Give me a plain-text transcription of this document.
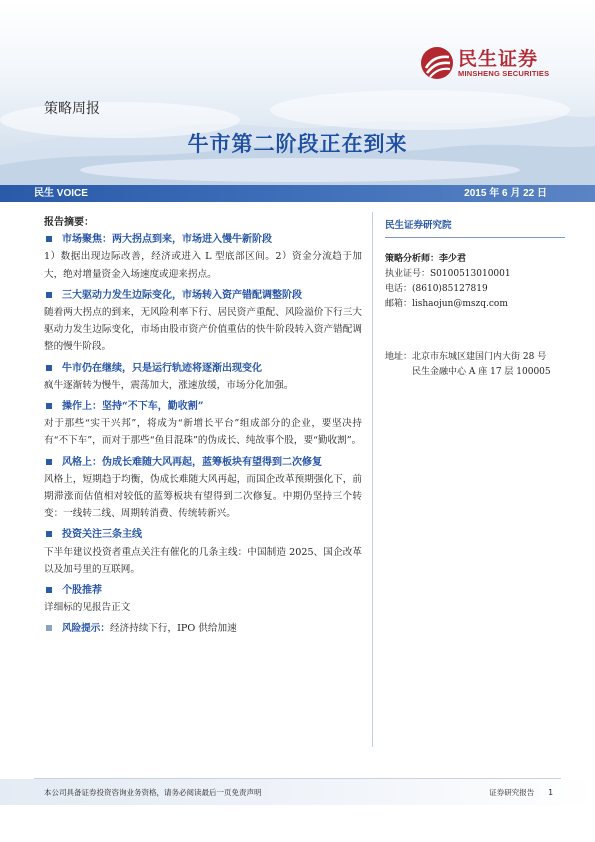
民生证券
MINSHENG SECURITIES
策略周报
牛市第二阶段正在到来
民生 VOICE	2015 年 6 月 22 日
报告摘要：
市场聚焦：两大拐点到来，市场进入慢牛新阶段
1）数据出现边际改善，经济或进入 L 型底部区间。2）资金分流趋于加大，绝对增量资金入场速度或迎来拐点。
三大驱动力发生边际变化，市场转入资产错配调整阶段
随着两大拐点的到来，无风险利率下行、居民资产重配、风险溢价下行三大驱动力发生边际变化，市场由股市资产价值重估的快牛阶段转入资产错配调整的慢牛阶段。
牛市仍在继续，只是运行轨迹将逐渐出现变化
疯牛逐渐转为慢牛，震荡加大，涨速放缓，市场分化加强。
操作上：坚持“不下车，勤收割”
对于那些“实干兴邦”，将成为“新增长平台”组成部分的企业，要坚决持有“不下车”，而对于那些“鱼目混珠”的伪成长、纯故事个股，要“勤收割”。
风格上：伪成长难随大风再起，蓝筹板块有望得到二次修复
风格上，短期趋于均衡，伪成长难随大风再起，而国企改革预期强化下，前期滞涨而估值相对较低的蓝筹板块有望得到二次修复。中期仍坚持三个转变：一线转二线、周期转消费、传统转新兴。
投资关注三条主线
下半年建议投资者重点关注有催化的几条主线：中国制造 2025、国企改革以及加号里的互联网。
个股推荐
详细标的见报告正文
风险提示： 经济持续下行，IPO 供给加速
民生证券研究院
策略分析师：李少君
执业证号：S0100513010001
电话：(8610)85127819
邮箱：lishaojun@mszq.com
地址： 北京市东城区建国门内大街 28 号
民生金融中心 A 座 17 层 100005
本公司具备证券投资咨询业务资格，请务必阅读最后一页免责声明	证券研究报告 1
